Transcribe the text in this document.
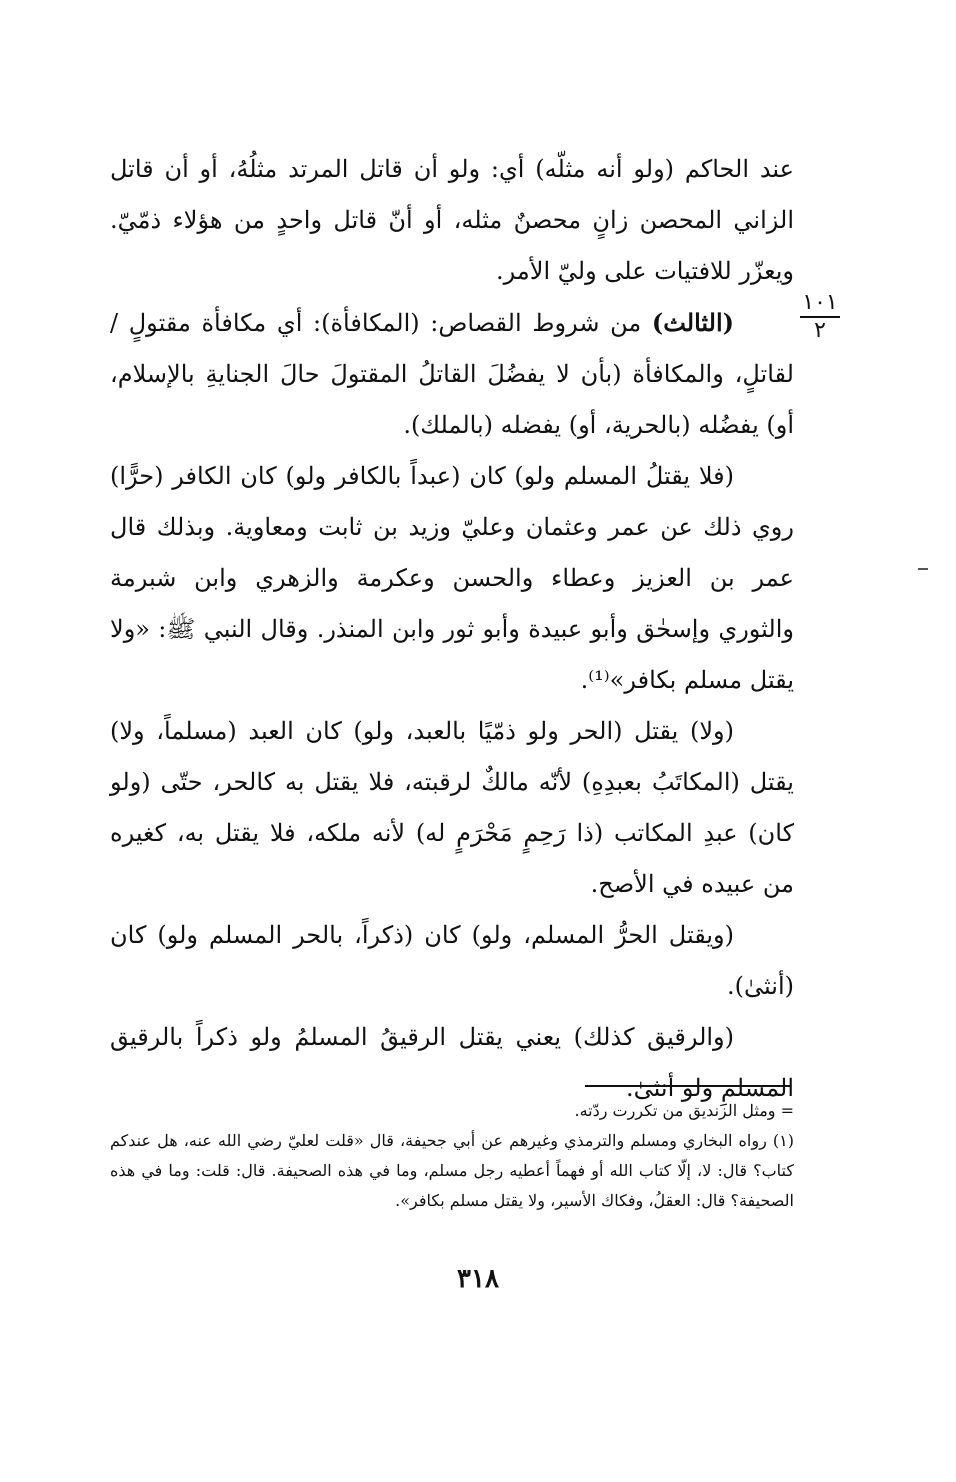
عند الحاكم (ولو أنه مثلّه) أي: ولو أن قاتل المرتد مثلُهُ، أو أن قاتل الزاني المحصن زانٍ محصنٌ مثله، أو أنّ قاتل واحدٍ من هؤلاء ذمّيّ. ويعزّر للافتيات على وليّ الأمر.

(الثالث) من شروط القصاص: (المكافأة): أي مكافأة مقتولٍ / لقاتلٍ، والمكافأة (بأن لا يفضُلَ القاتلُ المقتولَ حالَ الجنايةِ بالإسلام، أو) يفضُله (بالحرية، أو) يفضله (بالملك).

(فلا يقتلُ المسلم ولو) كان (عبداً بالكافر ولو) كان الكافر (حرًّا) روي ذلك عن عمر وعثمان وعليّ وزيد بن ثابت ومعاوية. وبذلك قال عمر بن العزيز وعطاء والحسن وعكرمة والزهري وابن شبرمة والثوري وإسحٰق وأبو عبيدة وأبو ثور وابن المنذر. وقال النبي ﷺ: «ولا يقتل مسلم بكافر»⁽¹⁾.

(ولا) يقتل (الحر ولو ذمّيًا بالعبد، ولو) كان العبد (مسلماً، ولا) يقتل (المكاتَبُ بعبدِهِ) لأنّه مالكٌ لرقبته، فلا يقتل به كالحر، حتّى (ولو كان) عبدِ المكاتب (ذا رَحِمٍ مَحْرَمٍ له) لأنه ملكه، فلا يقتل به، كغيره من عبيده في الأصح.

(ويقتل الحرُّ المسلم، ولو) كان (ذكراً، بالحر المسلم ولو) كان (أنثىٰ).

(والرقيق كذلك) يعني يقتل الرقيقُ المسلمُ ولو ذكراً بالرقيق المسلمِ ولو أنثىٰ.

١٠١
٢

= ومثل الزنديق من تكررت ردّته.

(١) رواه البخاري ومسلم والترمذي وغيرهم عن أبي جحيفة، قال «قلت لعليّ رضي الله عنه، هل عندكم كتاب؟ قال: لا، إلّا كتاب الله أو فهماً أعطيه رجل مسلم، وما في هذه الصحيفة. قال: قلت: وما في هذه الصحيفة؟ قال: العقلُ، وفكاك الأسير، ولا يقتل مسلم بكافر».

٣١٨
